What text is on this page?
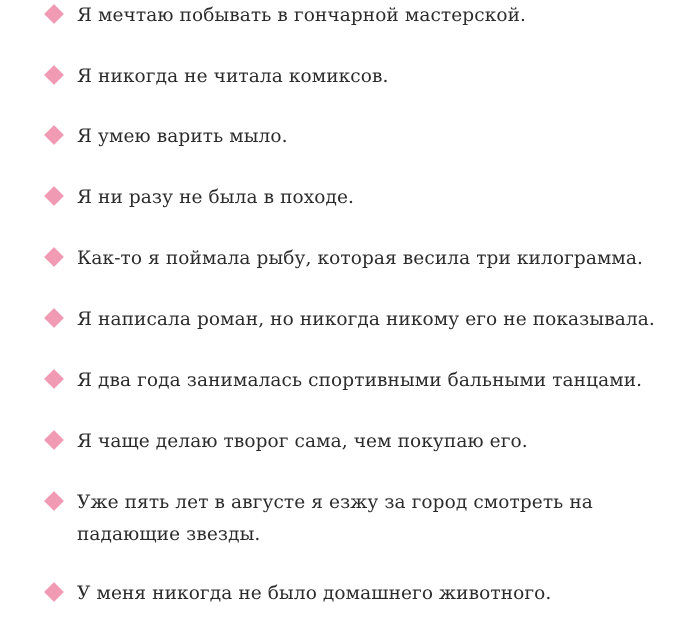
Я мечтаю побывать в гончарной мастерской.
Я никогда не читала комиксов.
Я умею варить мыло.
Я ни разу не была в походе.
Как-то я поймала рыбу, которая весила три килограмма.
Я написала роман, но никогда никому его не показывала.
Я два года занималась спортивными бальными танцами.
Я чаще делаю творог сама, чем покупаю его.
Уже пять лет в августе я езжу за город смотреть на падающие звезды.
У меня никогда не было домашнего животного.
